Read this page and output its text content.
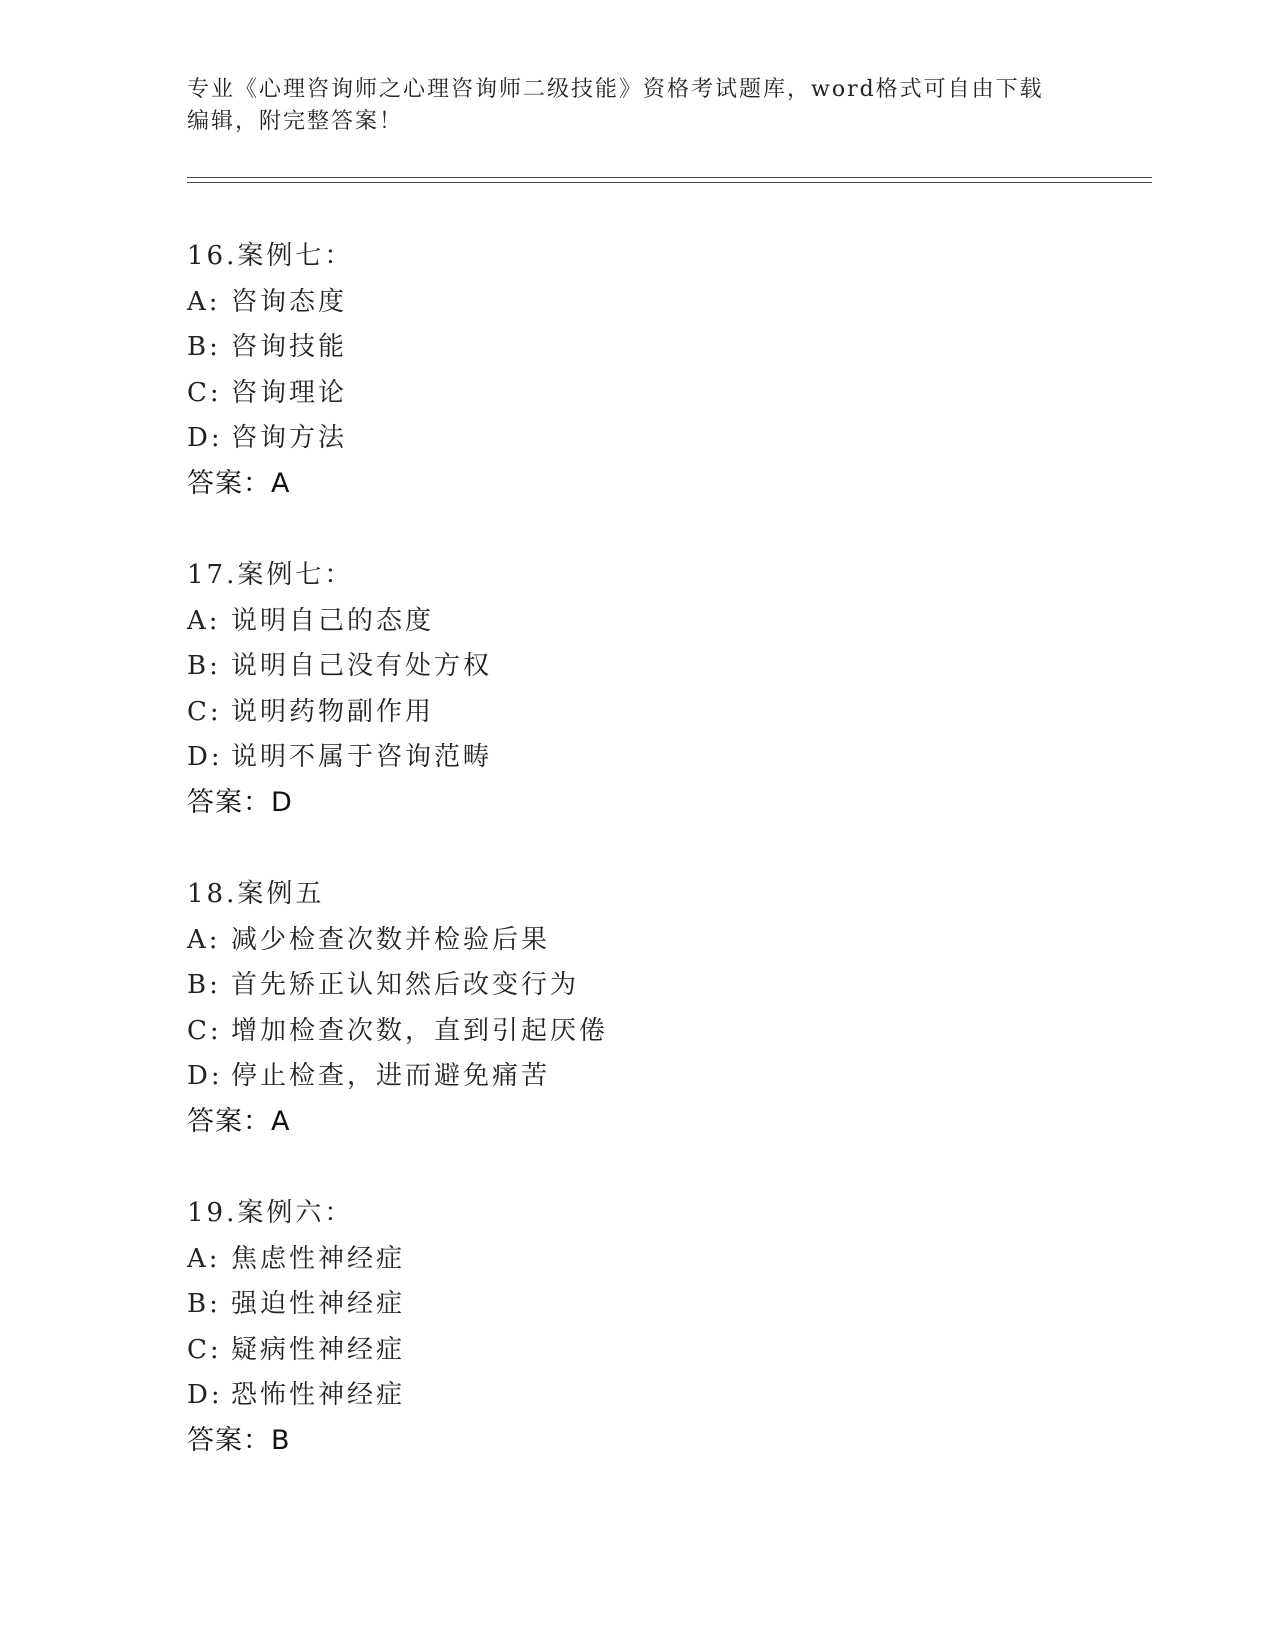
专业《心理咨询师之心理咨询师二级技能》资格考试题库，word格式可自由下载
编辑，附完整答案！
16.案例七：
A: 咨询态度
B: 咨询技能
C: 咨询理论
D: 咨询方法
答案：A
17.案例七：
A: 说明自己的态度
B: 说明自己没有处方权
C: 说明药物副作用
D: 说明不属于咨询范畴
答案：D
18.案例五
A: 减少检查次数并检验后果
B: 首先矫正认知然后改变行为
C: 增加检查次数，直到引起厌倦
D: 停止检查，进而避免痛苦
答案：A
19.案例六：
A: 焦虑性神经症
B: 强迫性神经症
C: 疑病性神经症
D: 恐怖性神经症
答案：B
